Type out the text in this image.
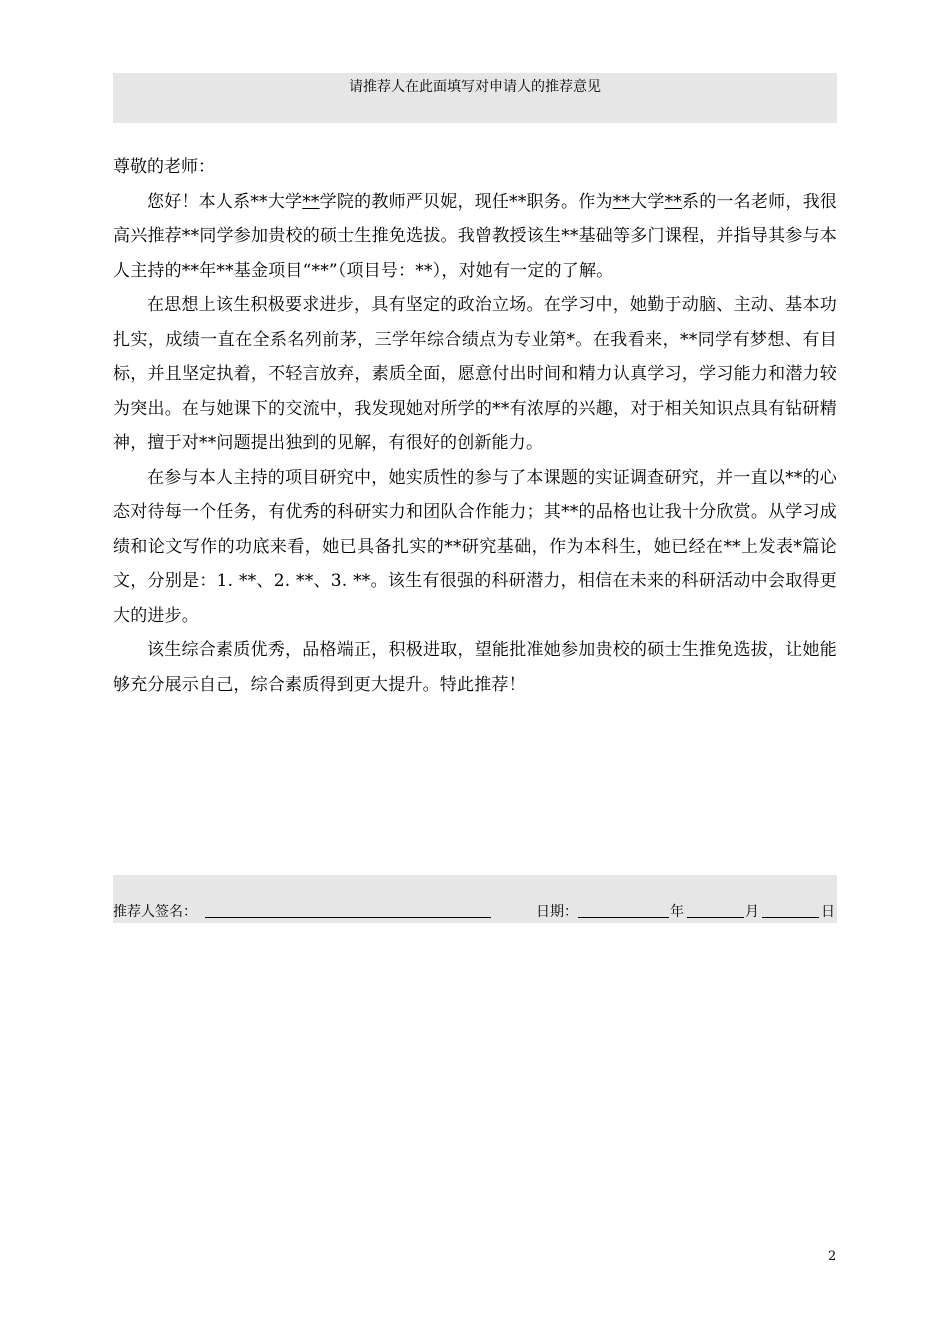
请推荐人在此面填写对申请人的推荐意见

尊敬的老师：

您好！本人系**大学**学院的教师严贝妮，现任**职务。作为**大学**系的一名老师，我很高兴推荐**同学参加贵校的硕士生推免选拔。我曾教授该生**基础等多门课程，并指导其参与本人主持的**年**基金项目“**”（项目号：**），对她有一定的了解。

在思想上该生积极要求进步，具有坚定的政治立场。在学习中，她勤于动脑、主动、基本功扎实，成绩一直在全系名列前茅，三学年综合绩点为专业第*。在我看来，**同学有梦想、有目标，并且坚定执着，不轻言放弃，素质全面，愿意付出时间和精力认真学习，学习能力和潜力较为突出。在与她课下的交流中，我发现她对所学的**有浓厚的兴趣，对于相关知识点具有钻研精神，擅于对**问题提出独到的见解，有很好的创新能力。

在参与本人主持的项目研究中，她实质性的参与了本课题的实证调查研究，并一直以**的心态对待每一个任务，有优秀的科研实力和团队合作能力；其**的品格也让我十分欣赏。从学习成绩和论文写作的功底来看，她已具备扎实的**研究基础，作为本科生，她已经在**上发表*篇论文，分别是：1. **、2. **、3. **。该生有很强的科研潜力，相信在未来的科研活动中会取得更大的进步。

该生综合素质优秀，品格端正，积极进取，望能批准她参加贵校的硕士生推免选拔，让她能够充分展示自己，综合素质得到更大提升。特此推荐！

推荐人签名：	日期：	年	月	日
2
